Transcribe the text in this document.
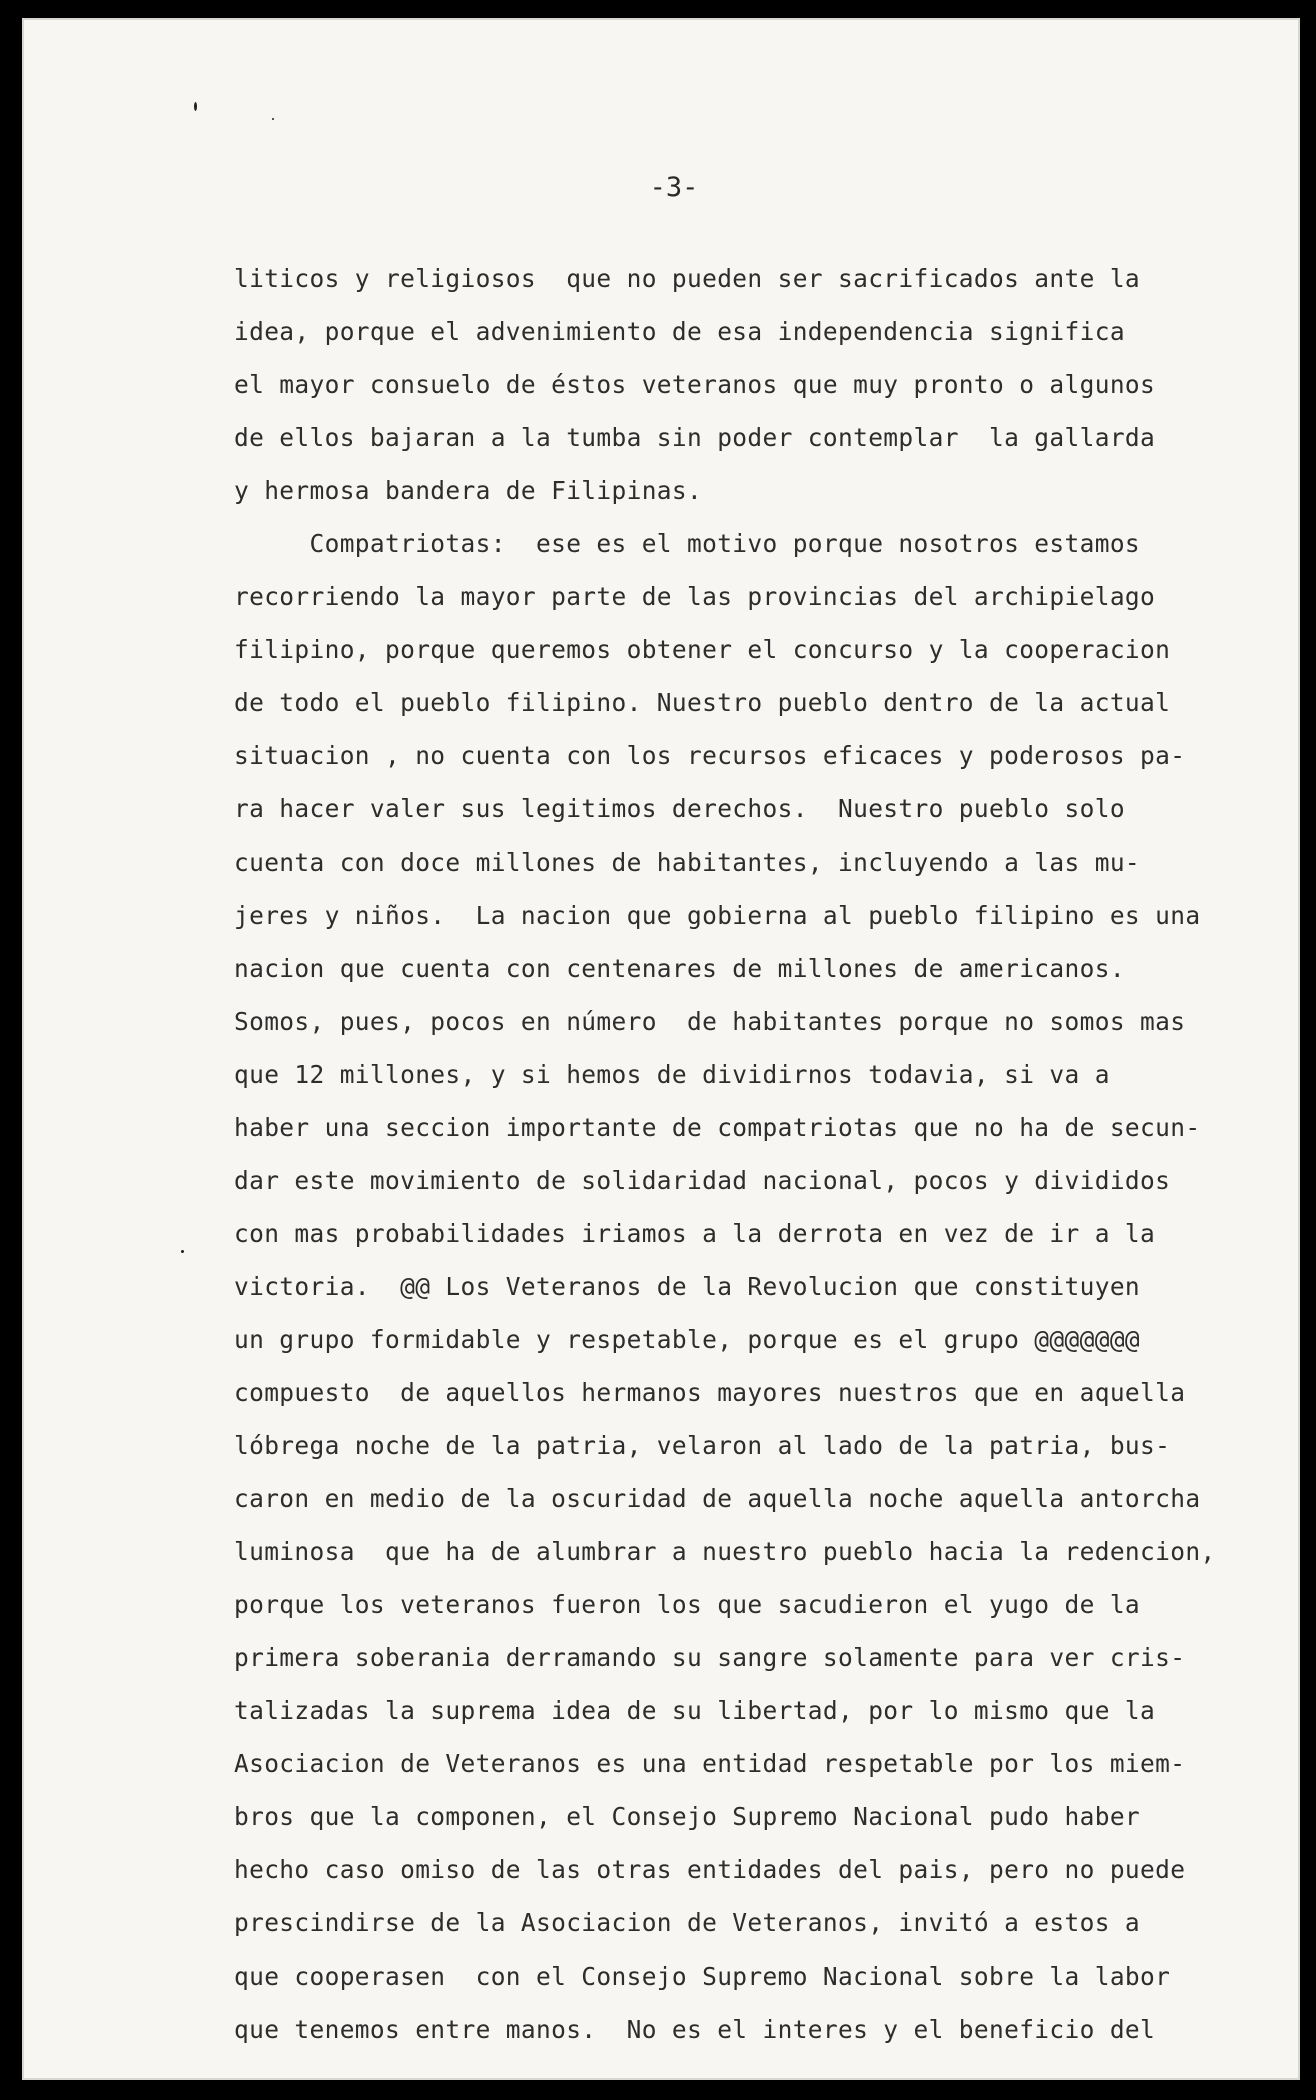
-3-
liticos y religiosos  que no pueden ser sacrificados ante la
idea, porque el advenimiento de esa independencia significa
el mayor consuelo de éstos veteranos que muy pronto o algunos
de ellos bajaran a la tumba sin poder contemplar  la gallarda
y hermosa bandera de Filipinas.
Compatriotas:  ese es el motivo porque nosotros estamos
recorriendo la mayor parte de las provincias del archipielago
filipino, porque queremos obtener el concurso y la cooperacion
de todo el pueblo filipino. Nuestro pueblo dentro de la actual
situacion , no cuenta con los recursos eficaces y poderosos pa-
ra hacer valer sus legitimos derechos.  Nuestro pueblo solo
cuenta con doce millones de habitantes, incluyendo a las mu-
jeres y niños.  La nacion que gobierna al pueblo filipino es una
nacion que cuenta con centenares de millones de americanos.
Somos, pues, pocos en número  de habitantes porque no somos mas
que 12 millones, y si hemos de dividirnos todavia, si va a
haber una seccion importante de compatriotas que no ha de secun-
dar este movimiento de solidaridad nacional, pocos y divididos
con mas probabilidades iriamos a la derrota en vez de ir a la
victoria.  @@ Los Veteranos de la Revolucion que constituyen
un grupo formidable y respetable, porque es el grupo @@@@@@@
compuesto  de aquellos hermanos mayores nuestros que en aquella
lóbrega noche de la patria, velaron al lado de la patria, bus-
caron en medio de la oscuridad de aquella noche aquella antorcha
luminosa  que ha de alumbrar a nuestro pueblo hacia la redencion,
porque los veteranos fueron los que sacudieron el yugo de la
primera soberania derramando su sangre solamente para ver cris-
talizadas la suprema idea de su libertad, por lo mismo que la
Asociacion de Veteranos es una entidad respetable por los miem-
bros que la componen, el Consejo Supremo Nacional pudo haber
hecho caso omiso de las otras entidades del pais, pero no puede
prescindirse de la Asociacion de Veteranos, invitó a estos a
que cooperasen  con el Consejo Supremo Nacional sobre la labor
que tenemos entre manos.  No es el interes y el beneficio del
